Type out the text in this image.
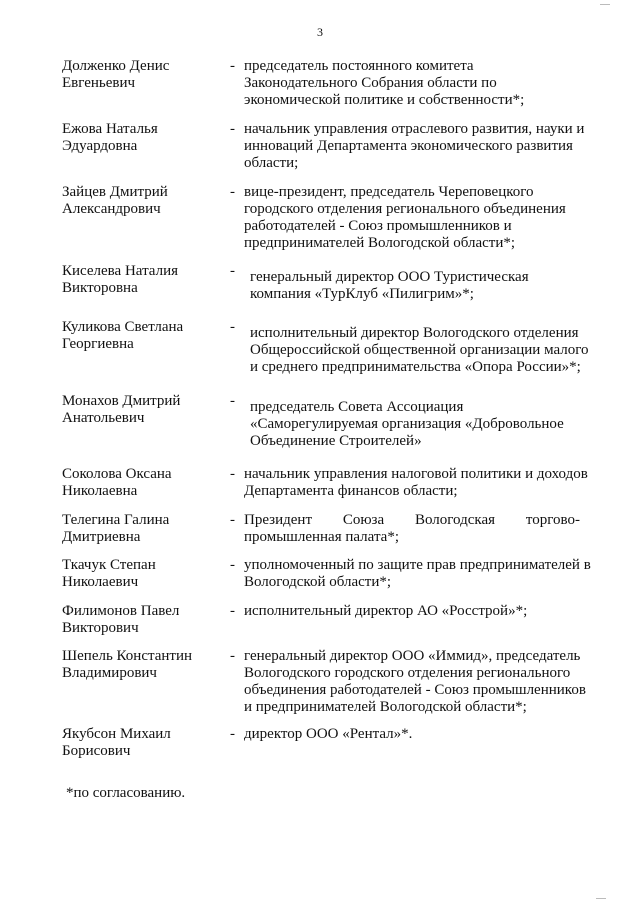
3
Долженко Денис
Евгеньевич
- председатель постоянного комитета
Законодательного Собрания области по
экономической политике и собственности*;
Ежова Наталья
Эдуардовна
- начальник управления отраслевого развития, науки и
инноваций Департамента экономического развития
области;
Зайцев Дмитрий
Александрович
- вице-президент, председатель Череповецкого
городского отделения регионального объединения
работодателей - Союз промышленников и
предпринимателей Вологодской области*;
Киселева Наталия
Викторовна
- генеральный директор ООО Туристическая
компания «ТурКлуб «Пилигрим»*;
Куликова Светлана
Георгиевна
- исполнительный директор Вологодского отделения
Общероссийской общественной организации малого
и среднего предпринимательства «Опора России»*;
Монахов Дмитрий
Анатольевич
- председатель Совета Ассоциация
«Саморегулируемая организация «Добровольное
Объединение Строителей»
Соколова Оксана
Николаевна
- начальник управления налоговой политики и доходов
Департамента финансов области;
Телегина Галина
Дмитриевна
- Президент Союза Вологодская торгово-
промышленная палата*;
Ткачук Степан
Николаевич
- уполномоченный по защите прав предпринимателей в
Вологодской области*;
Филимонов Павел
Викторович
- исполнительный директор АО «Росстрой»*;
Шепель Константин
Владимирович
- генеральный директор ООО «Иммид», председатель
Вологодского городского отделения регионального
объединения работодателей - Союз промышленников
и предпринимателей Вологодской области*;
Якубсон Михаил
Борисович
- директор ООО «Рентал»*.
*по согласованию.
